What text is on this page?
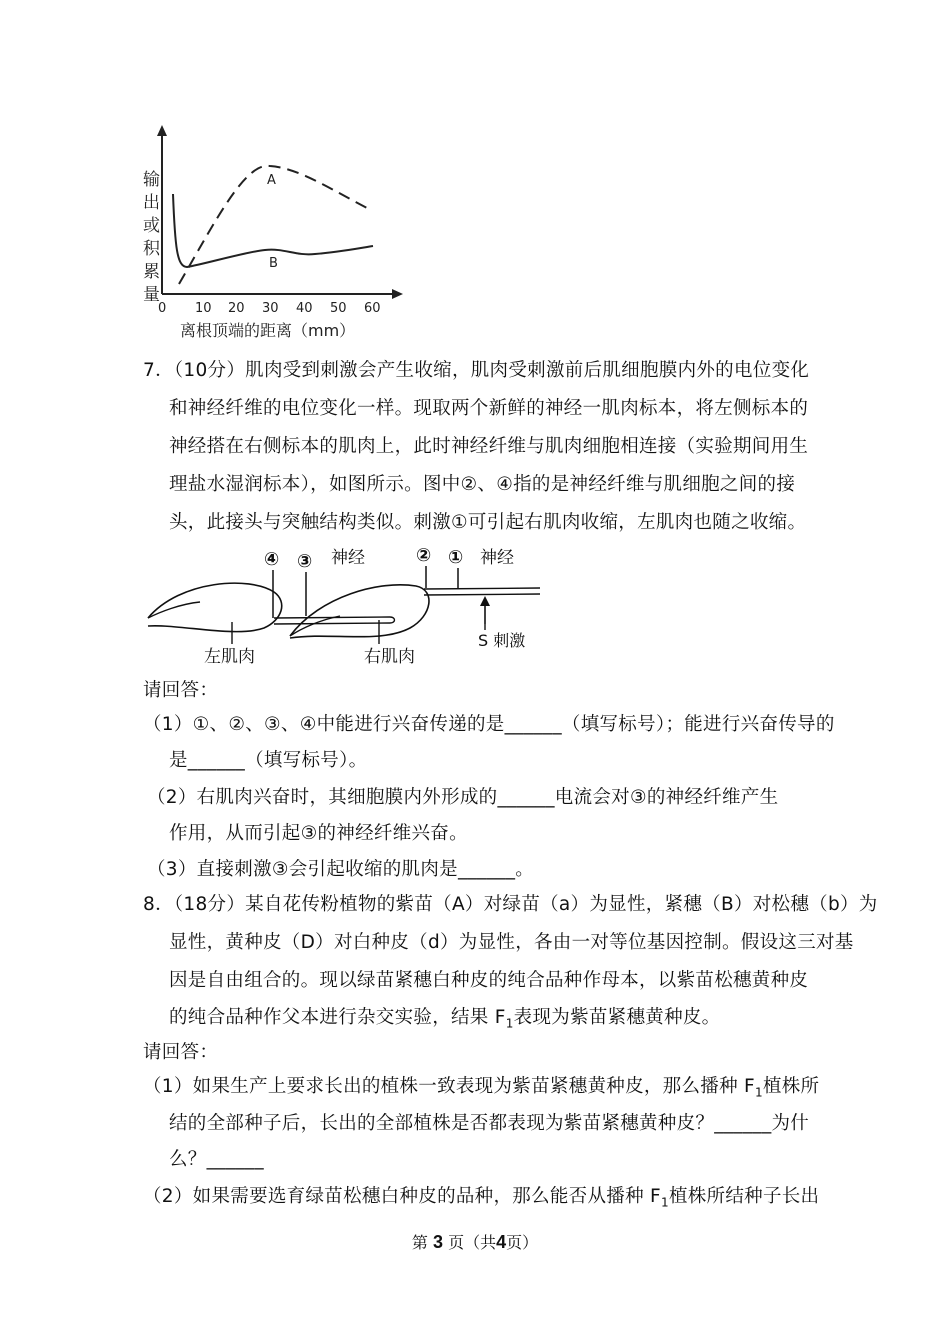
输出或积累量
0 10 20 30 40 50 60
离根顶端的距离（mm）
A
B
7．（10分）肌肉受到刺激会产生收缩，肌肉受刺激前后肌细胞膜内外的电位变化
和神经纤维的电位变化一样。现取两个新鲜的神经一肌肉标本，将左侧标本的
神经搭在右侧标本的肌肉上，此时神经纤维与肌肉细胞相连接（实验期间用生
理盐水湿润标本），如图所示。图中②、④指的是神经纤维与肌细胞之间的接
头，此接头与突触结构类似。刺激①可引起右肌肉收缩，左肌肉也随之收缩。
④ ③ 神经	② ① 神经
左肌肉	右肌肉
S 刺激
请回答：
（1）①、②、③、④中能进行兴奋传递的是______（填写标号）；能进行兴奋传导的
是______（填写标号）。
（2）右肌肉兴奋时，其细胞膜内外形成的______电流会对③的神经纤维产生
作用，从而引起③的神经纤维兴奋。
（3）直接刺激③会引起收缩的肌肉是______。
8．（18分）某自花传粉植物的紫苗（A）对绿苗（a）为显性，紧穗（B）对松穗（b）为
显性，黄种皮（D）对白种皮（d）为显性，各由一对等位基因控制。假设这三对基
因是自由组合的。现以绿苗紧穗白种皮的纯合品种作母本，以紫苗松穗黄种皮
的纯合品种作父本进行杂交实验，结果 $F_1$表现为紫苗紧穗黄种皮。
请回答：
（1）如果生产上要求长出的植株一致表现为紫苗紧穗黄种皮，那么播种 $F_1$植株所
结的全部种子后，长出的全部植株是否都表现为紫苗紧穗黄种皮？______为什
么？______
（2）如果需要选育绿苗松穗白种皮的品种，那么能否从播种 $F_1$植株所结种子长出
第 3 页（共4页）
